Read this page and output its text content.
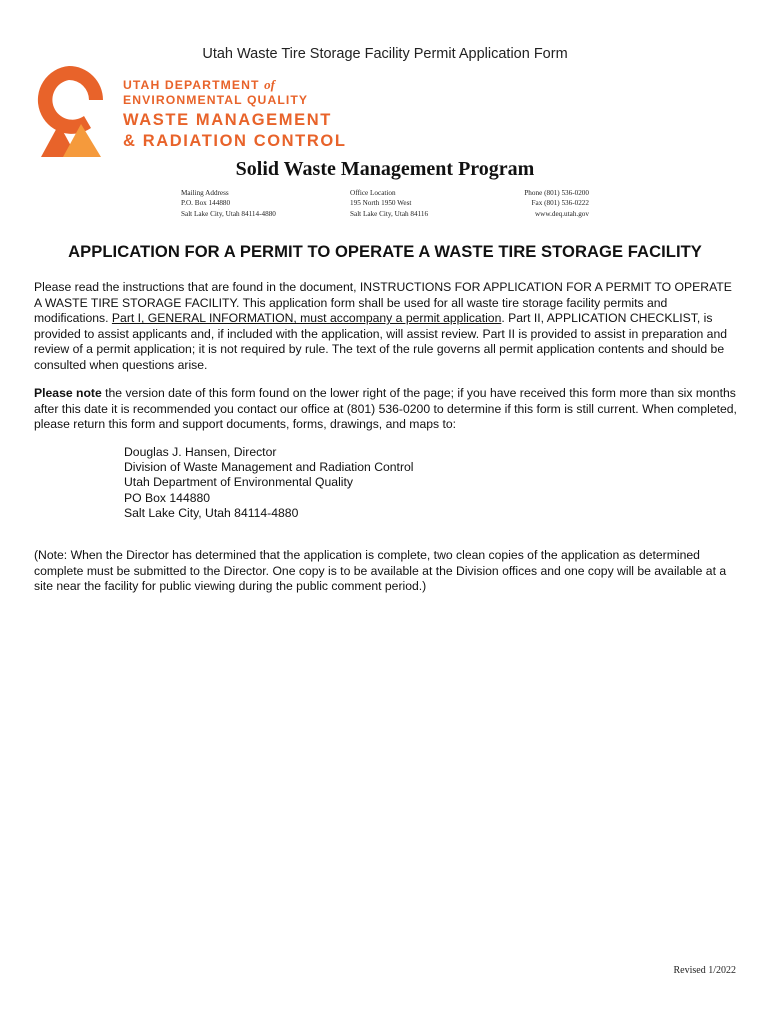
Utah Waste Tire Storage Facility Permit Application Form
UTAH DEPARTMENT of
ENVIRONMENTAL QUALITY
WASTE MANAGEMENT
& RADIATION CONTROL
Solid Waste Management Program
Mailing Address
P.O. Box 144880
Salt Lake City, Utah 84114-4880
Office Location
195 North 1950 West
Salt Lake City, Utah 84116
Phone (801) 536-0200
Fax (801) 536-0222
www.deq.utah.gov
APPLICATION FOR A PERMIT TO OPERATE A WASTE TIRE STORAGE FACILITY
Please read the instructions that are found in the document, INSTRUCTIONS FOR APPLICATION FOR A PERMIT TO OPERATE A WASTE TIRE STORAGE FACILITY. This application form shall be used for all waste tire storage facility permits and modifications. Part I, GENERAL INFORMATION, must accompany a permit application. Part II, APPLICATION CHECKLIST, is provided to assist applicants and, if included with the application, will assist review. Part II is provided to assist in preparation and review of a permit application; it is not required by rule. The text of the rule governs all permit application contents and should be consulted when questions arise.
Please note the version date of this form found on the lower right of the page; if you have received this form more than six months after this date it is recommended you contact our office at (801) 536-0200 to determine if this form is still current. When completed, please return this form and support documents, forms, drawings, and maps to:
Douglas J. Hansen, Director
Division of Waste Management and Radiation Control
Utah Department of Environmental Quality
PO Box 144880
Salt Lake City, Utah 84114-4880
(Note: When the Director has determined that the application is complete, two clean copies of the application as determined complete must be submitted to the Director. One copy is to be available at the Division offices and one copy will be available at a site near the facility for public viewing during the public comment period.)
Revised 1/2022
